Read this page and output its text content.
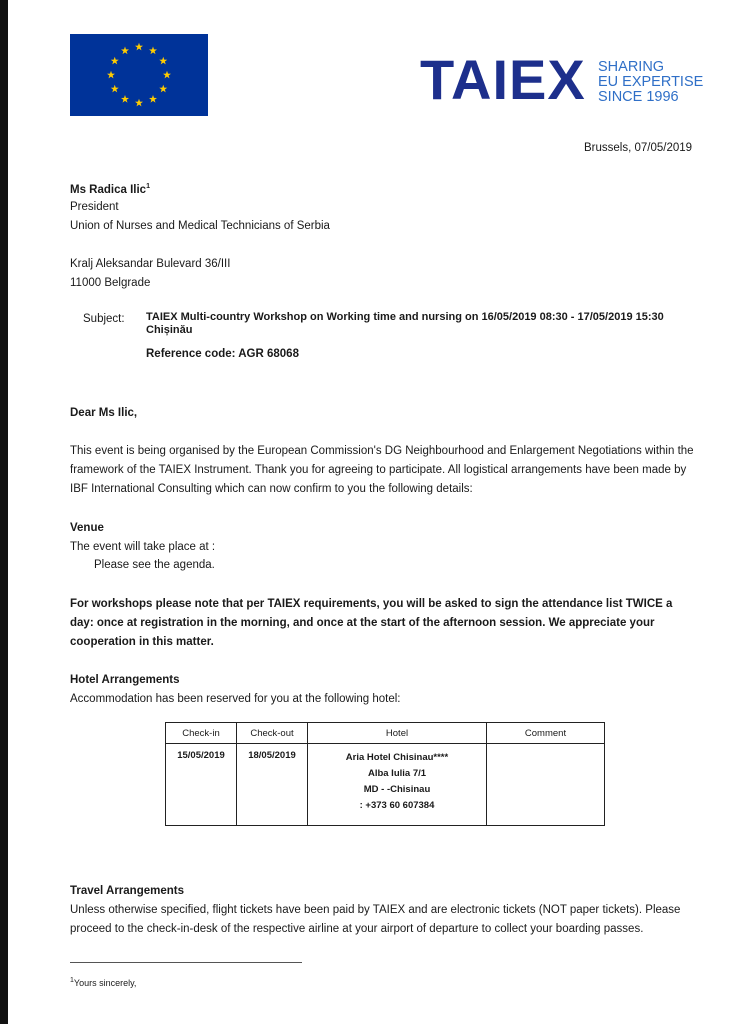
TAIEX SHARING
EU EXPERTISE
SINCE 1996
Brussels, 07/05/2019
Ms Radica Ilic$^1$
President
Union of Nurses and Medical Technicians of Serbia
Kralj Aleksandar Bulevard 36/III
11000 Belgrade
Subject: TAIEX Multi-country Workshop on Working time and nursing on 16/05/2019 08:30 - 17/05/2019 15:30
Chișinău
Reference code: AGR 68068
Dear Ms Ilic,
This event is being organised by the European Commission's DG Neighbourhood and Enlargement Negotiations within the framework of the TAIEX Instrument. Thank you for agreeing to participate. All logistical arrangements have been made by IBF International Consulting which can now confirm to you the following details:
Venue
The event will take place at :
Please see the agenda.
For workshops please note that per TAIEX requirements, you will be asked to sign the attendance list TWICE a day: once at registration in the morning, and once at the start of the afternoon session. We appreciate your cooperation in this matter.
Hotel Arrangements
Accommodation has been reserved for you at the following hotel:
Check-in	Check-out	Hotel	Comment
15/05/2019	18/05/2019	Aria Hotel Chisinau****
Alba Iulia 7/1
MD - -Chisinau
: +373 60 607384	

Travel Arrangements
Unless otherwise specified, flight tickets have been paid by TAIEX and are electronic tickets (NOT paper tickets). Please proceed to the check-in-desk of the respective airline at your airport of departure to collect your boarding passes.
$^1$Yours sincerely,
